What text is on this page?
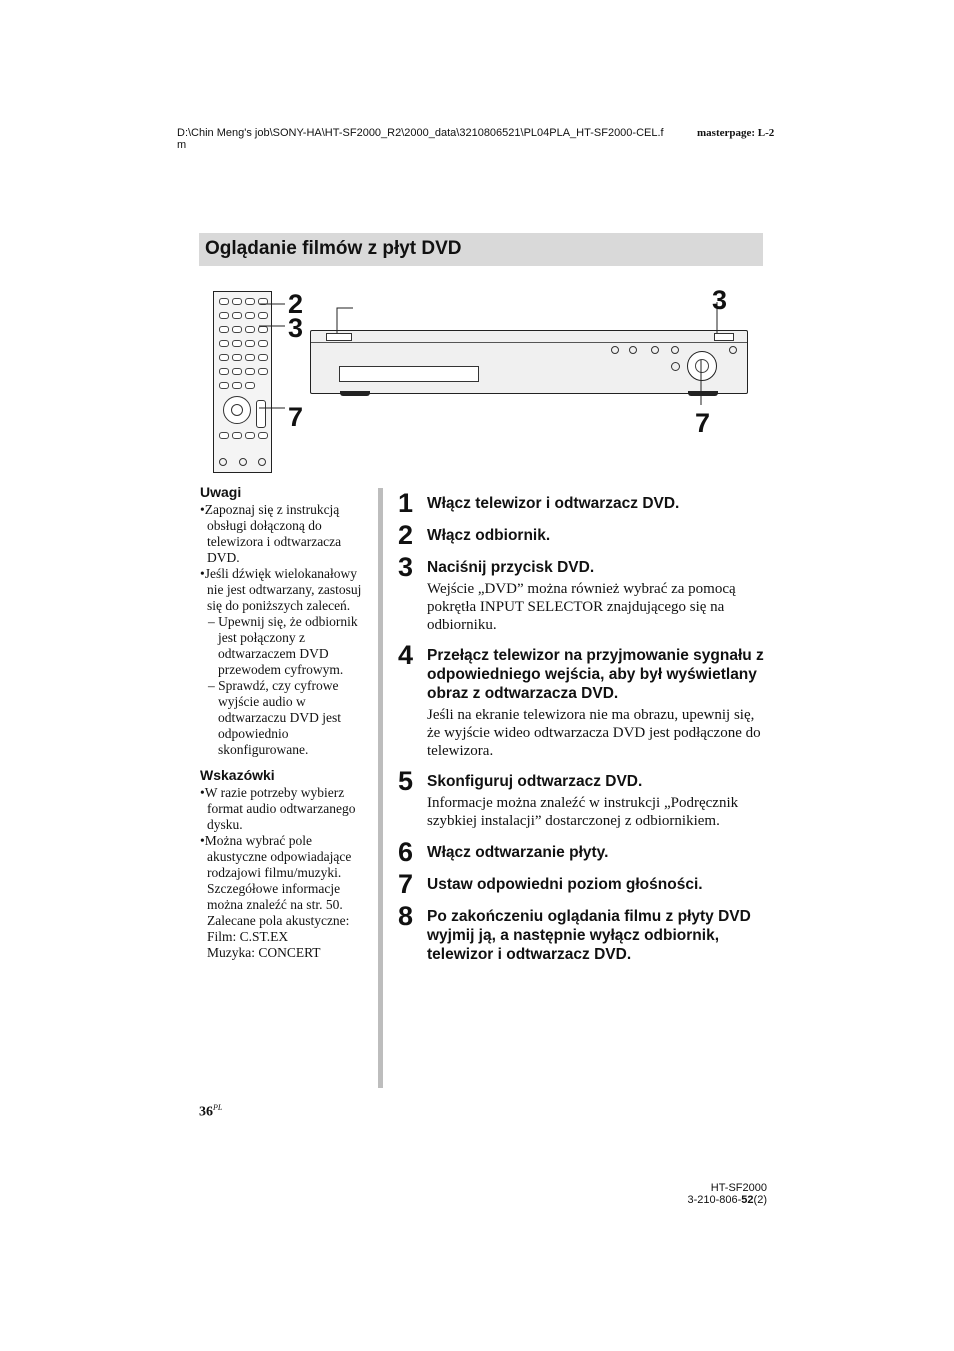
D:\Chin Meng's job\SONY-HA\HT-SF2000_R2\2000_data\3210806521\PL04PLA_HT-SF2000-CEL.fm
masterpage: L-2
Oglądanie filmów z płyt DVD
2
3
7
3
7
Uwagi
•Zapoznaj się z instrukcją obsługi dołączoną do telewizora i odtwarzacza DVD.
•Jeśli dźwięk wielokanałowy nie jest odtwarzany, zastosuj się do poniższych zaleceń.
– Upewnij się, że odbiornik jest połączony z odtwarzaczem DVD przewodem cyfrowym.
– Sprawdź, czy cyfrowe wyjście audio w odtwarzaczu DVD jest odpowiednio skonfigurowane.
Wskazówki
•W razie potrzeby wybierz format audio odtwarzanego dysku.
•Można wybrać pole akustyczne odpowiadające rodzajowi filmu/muzyki. Szczegółowe informacje można znaleźć na str. 50. Zalecane pola akustyczne:
Film: C.ST.EX
Muzyka: CONCERT
1 Włącz telewizor i odtwarzacz DVD.
2 Włącz odbiornik.
3 Naciśnij przycisk DVD.
Wejście „DVD” można również wybrać za pomocą pokrętła INPUT SELECTOR znajdującego się na odbiorniku.
4 Przełącz telewizor na przyjmowanie sygnału z odpowiedniego wejścia, aby był wyświetlany obraz z odtwarzacza DVD.
Jeśli na ekranie telewizora nie ma obrazu, upewnij się, że wyjście wideo odtwarzacza DVD jest podłączone do telewizora.
5 Skonfiguruj odtwarzacz DVD.
Informacje można znaleźć w instrukcji „Podręcznik szybkiej instalacji” dostarczonej z odbiornikiem.
6 Włącz odtwarzanie płyty.
7 Ustaw odpowiedni poziom głośności.
8 Po zakończeniu oglądania filmu z płyty DVD wyjmij ją, a następnie wyłącz odbiornik, telewizor i odtwarzacz DVD.
$36^{PL}$
HT-SF2000
3-210-806-52(2)
